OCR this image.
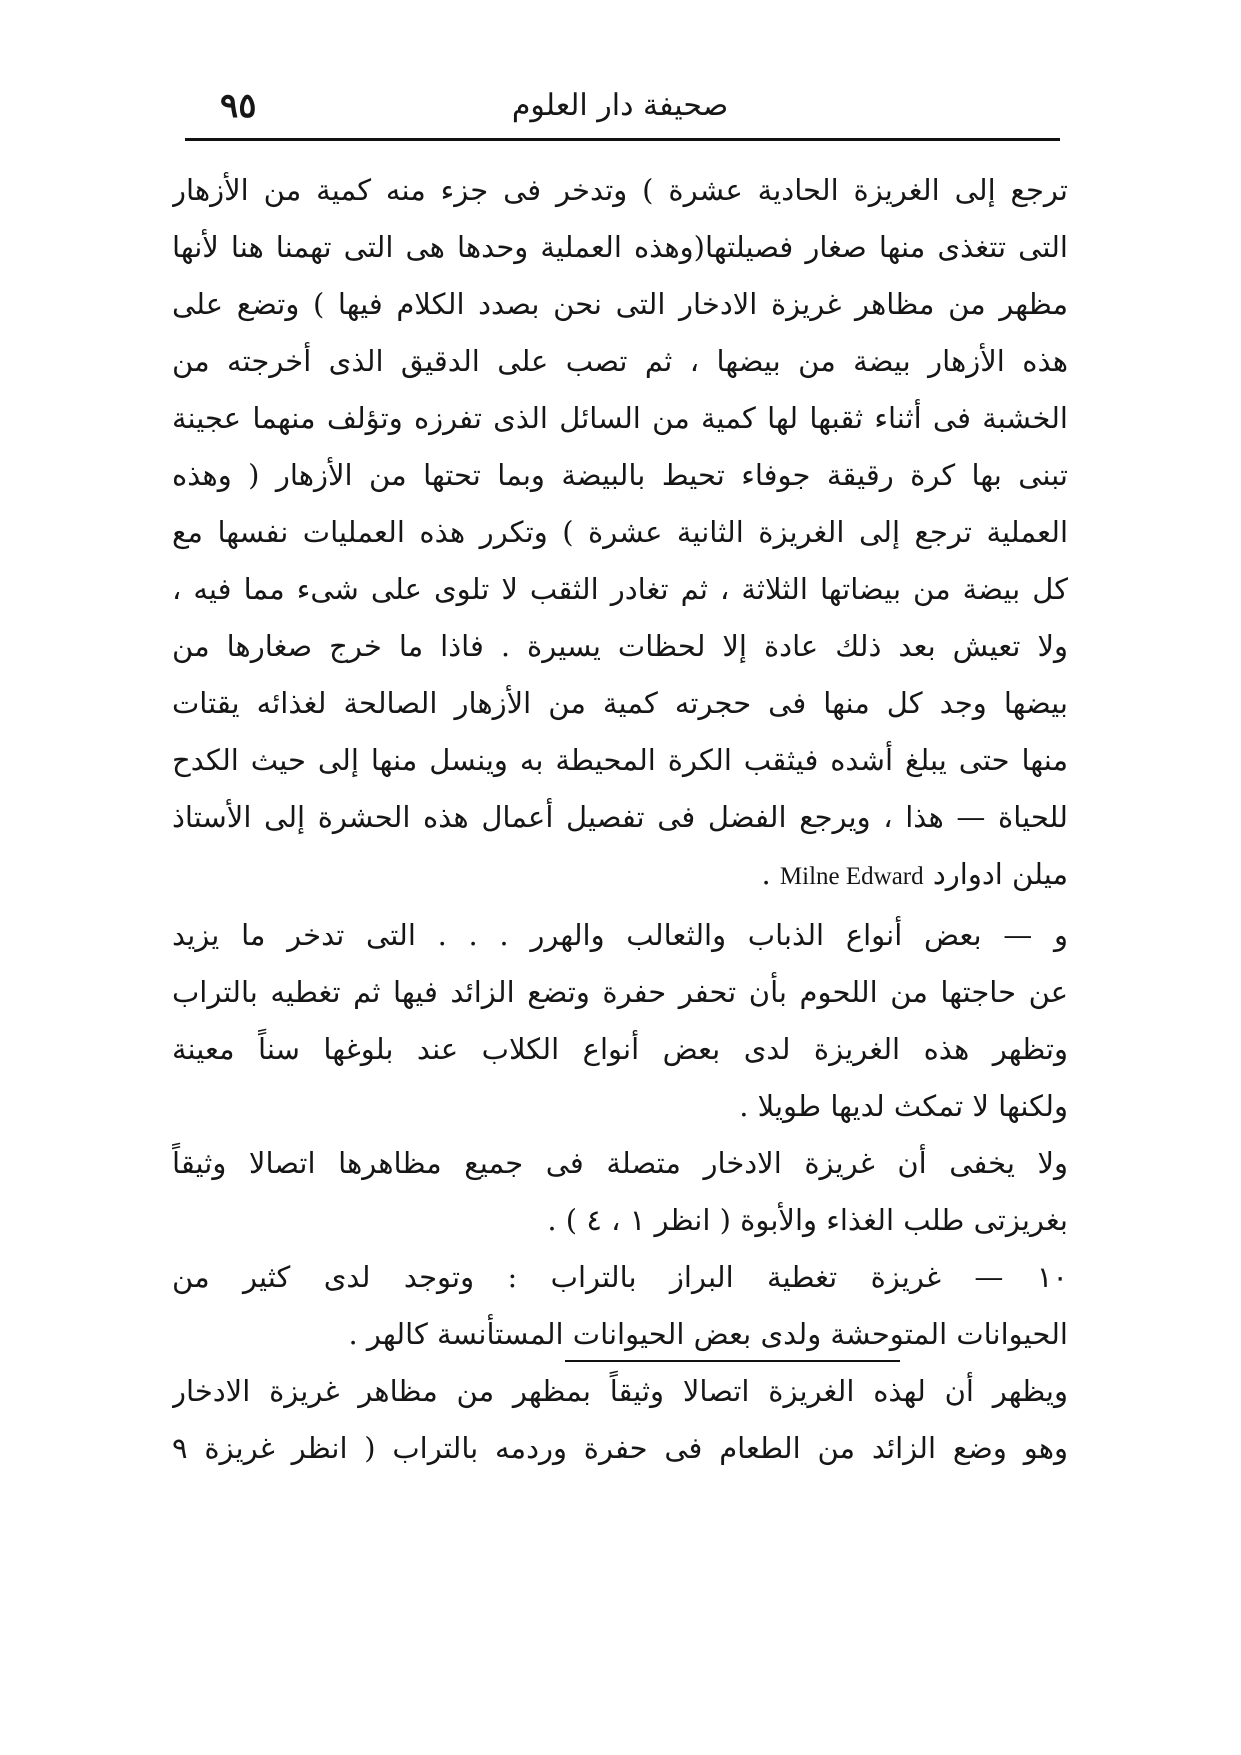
٩٥	صحيفة دار العلوم
ترجع إلى الغريزة الحادية عشرة ) وتدخر فى جزء منه كمية من الأزهار
التى تتغذى منها صغار فصيلتها(وهذه العملية وحدها هى التى تهمنا هنا لأنها
مظهر من مظاهر غريزة الادخار التى نحن بصدد الكلام فيها ) وتضع على
هذه الأزهار بيضة من بيضها ، ثم تصب على الدقيق الذى أخرجته من
الخشبة فى أثناء ثقبها لها كمية من السائل الذى تفرزه وتؤلف منهما عجينة
تبنى بها كرة رقيقة جوفاء تحيط بالبيضة وبما تحتها من الأزهار ( وهذه
العملية ترجع إلى الغريزة الثانية عشرة ) وتكرر هذه العمليات نفسها مع
كل بيضة من بيضاتها الثلاثة ، ثم تغادر الثقب لا تلوى على شىء مما فيه ،
ولا تعيش بعد ذلك عادة إلا لحظات يسيرة . فاذا ما خرج صغارها من
بيضها وجد كل منها فى حجرته كمية من الأزهار الصالحة لغذائه يقتات
منها حتى يبلغ أشده فيثقب الكرة المحيطة به وينسل منها إلى حيث الكدح
للحياة — هذا ، ويرجع الفضل فى تفصيل أعمال هذه الحشرة إلى الأستاذ
ميلن ادوارد Milne Edward .
و — بعض أنواع الذباب والثعالب والهرر . . . التى تدخر ما يزيد
عن حاجتها من اللحوم بأن تحفر حفرة وتضع الزائد فيها ثم تغطيه بالتراب
وتظهر هذه الغريزة لدى بعض أنواع الكلاب عند بلوغها سناً معينة
ولكنها لا تمكث لديها طويلا .
ولا يخفى أن غريزة الادخار متصلة فى جميع مظاهرها اتصالا وثيقاً
بغريزتى طلب الغذاء والأبوة ( انظر ١ ، ٤ ) .
١٠ — غريزة تغطية البراز بالتراب : وتوجد لدى كثير من
الحيوانات المتوحشة ولدى بعض الحيوانات المستأنسة كالهر .
ويظهر أن لهذه الغريزة اتصالا وثيقاً بمظهر من مظاهر غريزة الادخار
وهو وضع الزائد من الطعام فى حفرة وردمه بالتراب ( انظر غريزة ٩
